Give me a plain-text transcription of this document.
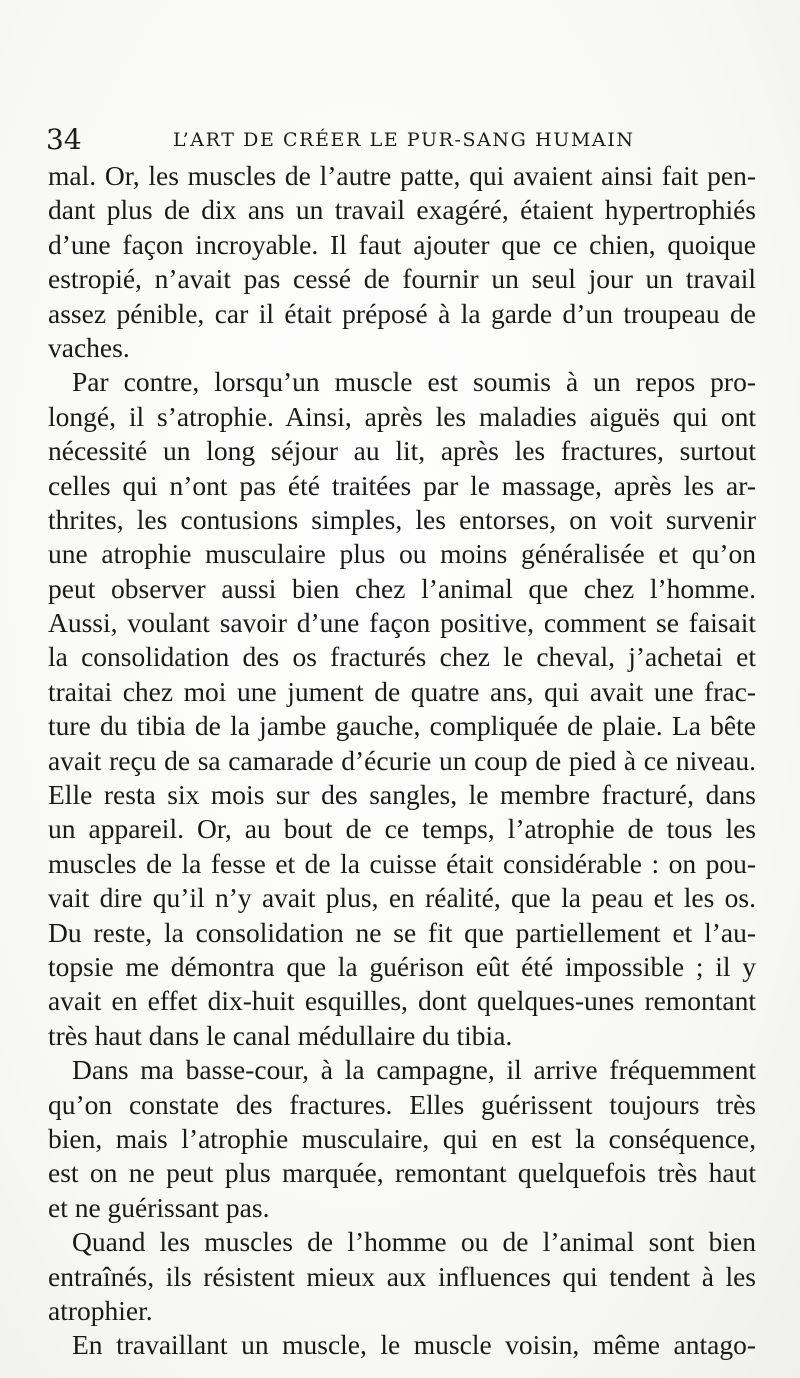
34	L’ART DE CRÉER LE PUR-SANG HUMAIN
mal. Or, les muscles de l’autre patte, qui avaient ainsi fait pen-
dant plus de dix ans un travail exagéré, étaient hypertrophiés
d’une façon incroyable. Il faut ajouter que ce chien, quoique
estropié, n’avait pas cessé de fournir un seul jour un travail
assez pénible, car il était préposé à la garde d’un troupeau de
vaches.
Par contre, lorsqu’un muscle est soumis à un repos pro-
longé, il s’atrophie. Ainsi, après les maladies aiguës qui ont
nécessité un long séjour au lit, après les fractures, surtout
celles qui n’ont pas été traitées par le massage, après les ar-
thrites, les contusions simples, les entorses, on voit survenir
une atrophie musculaire plus ou moins généralisée et qu’on
peut observer aussi bien chez l’animal que chez l’homme.
Aussi, voulant savoir d’une façon positive, comment se faisait
la consolidation des os fracturés chez le cheval, j’achetai et
traitai chez moi une jument de quatre ans, qui avait une frac-
ture du tibia de la jambe gauche, compliquée de plaie. La bête
avait reçu de sa camarade d’écurie un coup de pied à ce niveau.
Elle resta six mois sur des sangles, le membre fracturé, dans
un appareil. Or, au bout de ce temps, l’atrophie de tous les
muscles de la fesse et de la cuisse était considérable : on pou-
vait dire qu’il n’y avait plus, en réalité, que la peau et les os.
Du reste, la consolidation ne se fit que partiellement et l’au-
topsie me démontra que la guérison eût été impossible ; il y
avait en effet dix-huit esquilles, dont quelques-unes remontant
très haut dans le canal médullaire du tibia.
Dans ma basse-cour, à la campagne, il arrive fréquemment
qu’on constate des fractures. Elles guérissent toujours très
bien, mais l’atrophie musculaire, qui en est la conséquence,
est on ne peut plus marquée, remontant quelquefois très haut
et ne guérissant pas.
Quand les muscles de l’homme ou de l’animal sont bien
entraînés, ils résistent mieux aux influences qui tendent à les
atrophier.
En travaillant un muscle, le muscle voisin, même antago-
